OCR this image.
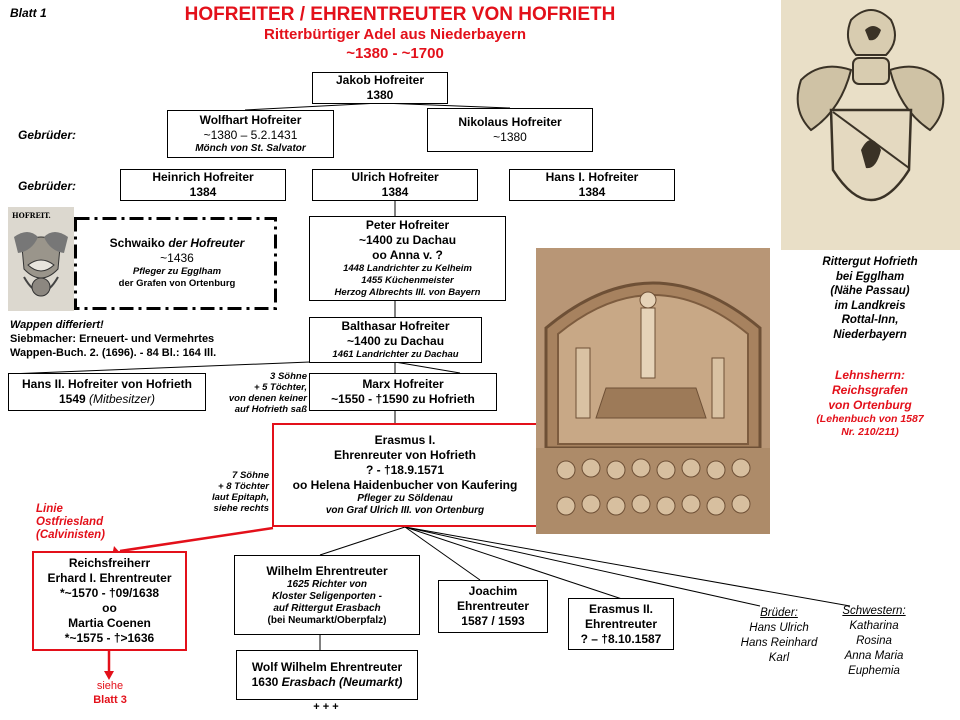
Blatt 1	HOFREITER / EHRENTREUTER VON HOFRIETH
Ritterbürtiger Adel aus Niederbayern
~1380 - ~1700
Jakob Hofreiter
1380
Gebrüder:
Wolfhart Hofreiter
~1380 – 5.2.1431
Mönch von St. Salvator
Nikolaus Hofreiter
~1380
Gebrüder:
Heinrich Hofreiter
1384
Ulrich Hofreiter
1384
Hans I. Hofreiter
1384
HOFREIT.
Schwaiko der Hofreuter
~1436
Pfleger zu Egglham
der Grafen von Ortenburg
Peter Hofreiter
~1400 zu Dachau
oo Anna v. ?
1448 Landrichter zu Kelheim
1455 Küchenmeister
Herzog Albrechts III. von Bayern
Wappen differiert!
Siebmacher: Erneuert- und Vermehrtes
Wappen-Buch. 2. (1696). - 84 Bl.: 164 Ill.
Balthasar Hofreiter
~1400 zu Dachau
1461 Landrichter zu Dachau
Hans II. Hofreiter von Hofrieth
1549 (Mitbesitzer)
3 Söhne
+ 5 Töchter,
von denen keiner
auf Hofrieth saß
Marx Hofreiter
~1550 - †1590 zu Hofrieth
Erasmus I.
Ehrenreuter von Hofrieth
? - †18.9.1571
oo Helena Haidenbucher von Kaufering
Pfleger zu Söldenau
von Graf Ulrich III. von Ortenburg
7 Söhne
+ 8 Töchter
laut Epitaph,
siehe rechts
Linie
Ostfriesland
(Calvinisten)
Reichsfreiherr
Erhard I. Ehrentreuter
*~1570 - †09/1638
oo
Martia Coenen
*~1575 - †>1636
siehe
Blatt 3
Wilhelm Ehrentreuter
1625 Richter von
Kloster Seligenporten -
auf Rittergut Erasbach
(bei Neumarkt/Oberpfalz)
Wolf Wilhelm Ehrentreuter
1630 Erasbach (Neumarkt)
+ + +
Joachim
Ehrentreuter
1587 / 1593
Erasmus II.
Ehrentreuter
? – †8.10.1587
Brüder:
Hans Ulrich
Hans Reinhard
Karl
Schwestern:
Katharina
Rosina
Anna Maria
Euphemia
Rittergut Hofrieth
bei Egglham
(Nähe Passau)
im Landkreis
Rottal-Inn,
Niederbayern
Lehnsherrn:
Reichsgrafen
von Ortenburg
(Lehenbuch von 1587
Nr. 210/211)
